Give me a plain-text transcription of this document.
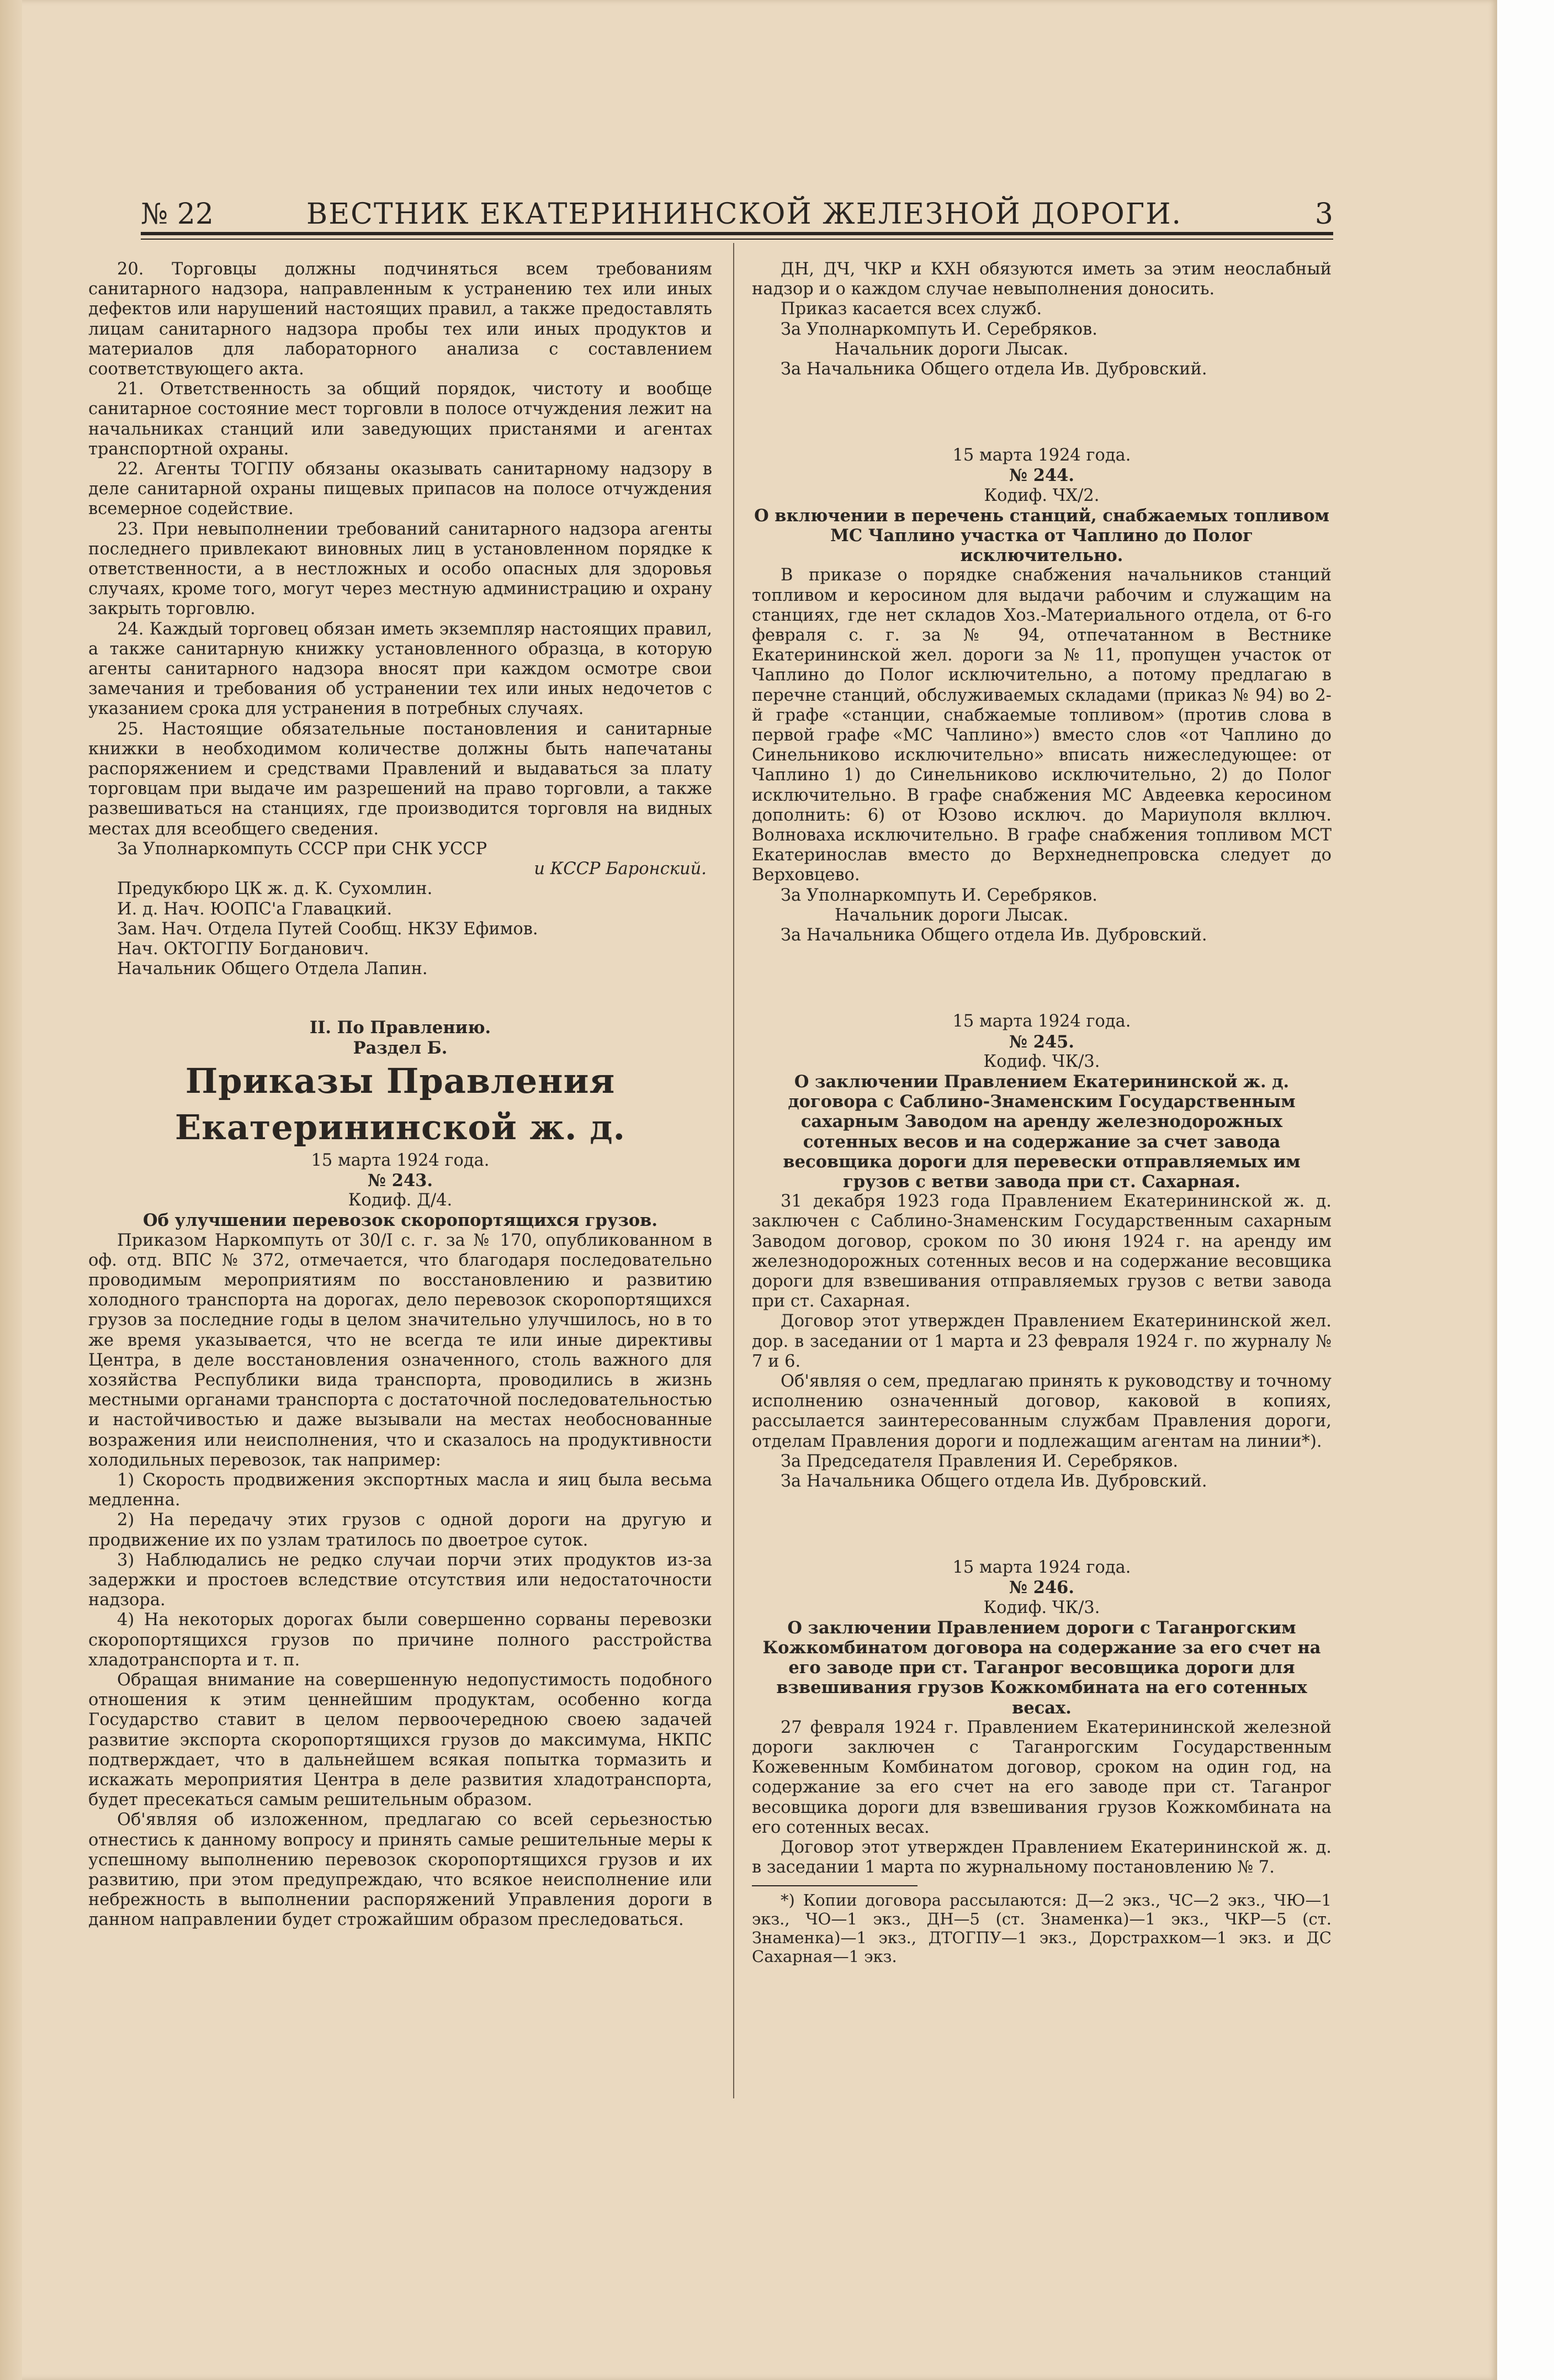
№ 22	ВЕСТНИК ЕКАТЕРИНИНСКОЙ ЖЕЛЕЗНОЙ ДОРОГИ.	3

20. Торговцы должны подчиняться всем требованиям санитарного надзора, направленным к устранению тех или иных дефектов или нарушений настоящих правил, а также предоставлять лицам санитарного надзора пробы тех или иных продуктов и материалов для лабораторного анализа с составлением соответствующего акта.

21. Ответственность за общий порядок, чистоту и вообще санитарное состояние мест торговли в полосе отчуждения лежит на начальниках станций или заведующих пристанями и агентах транспортной охраны.

22. Агенты ТОГПУ обязаны оказывать санитарному надзору в деле санитарной охраны пищевых припасов на полосе отчуждения всемерное содействие.

23. При невыполнении требований санитарного надзора агенты последнего привлекают виновных лиц в установленном порядке к ответственности, а в нестложных и особо опасных для здоровья случаях, кроме того, могут через местную администрацию и охрану закрыть торговлю.

24. Каждый торговец обязан иметь экземпляр настоящих правил, а также санитарную книжку установленного образца, в которую агенты санитарного надзора вносят при каждом осмотре свои замечания и требования об устранении тех или иных недочетов с указанием срока для устранения в потребных случаях.

25. Настоящие обязательные постановления и санитарные книжки в необходимом количестве должны быть напечатаны распоряжением и средствами Правлений и выдаваться за плату торговцам при выдаче им разрешений на право торговли, а также развешиваться на станциях, где производится торговля на видных местах для всеобщего сведения.

За Уполнаркомпуть СССР при СНК УССР

и КССР Баронский.

Предукбюро ЦК ж. д. К. Сухомлин.

И. д. Нач. ЮОПС'а Главацкий.

Зам. Нач. Отдела Путей Сообщ. НКЗУ Ефимов.

Нач. ОКТОГПУ Богданович.

Начальник Общего Отдела Лапин.

II. По Правлению.

Раздел Б.

Приказы Правления Екатерининской ж. д.

15 марта 1924 года.

№ 243.

Кодиф. Д/4.

Об улучшении перевозок скоропортящихся грузов.

Приказом Наркомпуть от 30/I с. г. за № 170, опубликованном в оф. отд. ВПС № 372, отмечается, что благодаря последовательно проводимым мероприятиям по восстановлению и развитию холодного транспорта на дорогах, дело перевозок скоропортящихся грузов за последние годы в целом значительно улучшилось, но в то же время указывается, что не всегда те или иные директивы Центра, в деле восстановления означенного, столь важного для хозяйства Республики вида транспорта, проводились в жизнь местными органами транспорта с достаточной последовательностью и настойчивостью и даже вызывали на местах необоснованные возражения или неисполнения, что и сказалось на продуктивности холодильных перевозок, так например:

1) Скорость продвижения экспортных масла и яиц была весьма медленна.

2) На передачу этих грузов с одной дороги на другую и продвижение их по узлам тратилось по двоетрое суток.

3) Наблюдались не редко случаи порчи этих продуктов из-за задержки и простоев вследствие отсутствия или недостаточности надзора.

4) На некоторых дорогах были совершенно сорваны перевозки скоропортящихся грузов по причине полного расстройства хладотранспорта и т. п.

Обращая внимание на совершенную недопустимость подобного отношения к этим ценнейшим продуктам, особенно когда Государство ставит в целом первоочередною своею задачей развитие экспорта скоропортящихся грузов до максимума, НКПС подтверждает, что в дальнейшем всякая попытка тормазить и искажать мероприятия Центра в деле развития хладотранспорта, будет пресекаться самым решительным образом.

Об'являя об изложенном, предлагаю со всей серьезностью отнестись к данному вопросу и принять самые решительные меры к успешному выполнению перевозок скоропортящихся грузов и их развитию, при этом предупреждаю, что всякое неисполнение или небрежность в выполнении распоряжений Управления дороги в данном направлении будет строжайшим образом преследоваться.

ДН, ДЧ, ЧКР и КХН обязуются иметь за этим неослабный надзор и о каждом случае невыполнения доносить.

Приказ касается всех служб.

За Уполнаркомпуть И. Серебряков.

Начальник дороги Лысак.

За Начальника Общего отдела Ив. Дубровский.

15 марта 1924 года.

№ 244.

Кодиф. ЧХ/2.

О включении в перечень станций, снабжаемых топливом МС Чаплино участка от Чаплино до Полог исключительно.

В приказе о порядке снабжения начальников станций топливом и керосином для выдачи рабочим и служащим на станциях, где нет складов Хоз.-Материального отдела, от 6-го февраля с. г. за № 94, отпечатанном в Вестнике Екатерининской жел. дороги за № 11, пропущен участок от Чаплино до Полог исключительно, а потому предлагаю в перечне станций, обслуживаемых складами (приказ № 94) во 2-й графе «станции, снабжаемые топливом» (против слова в первой графе «МС Чаплино») вместо слов «от Чаплино до Синельниково исключительно» вписать нижеследующее: от Чаплино 1) до Синельниково исключительно, 2) до Полог исключительно. В графе снабжения МС Авдеевка керосином дополнить: 6) от Юзово исключ. до Мариуполя вкллюч. Волноваха исключительно. В графе снабжения топливом МСТ Екатеринослав вместо до Верхнеднепровска следует до Верховцево.

За Уполнаркомпуть И. Серебряков.

Начальник дороги Лысак.

За Начальника Общего отдела Ив. Дубровский.

15 марта 1924 года.

№ 245.

Кодиф. ЧК/3.

О заключении Правлением Екатерининской ж. д. договора с Саблино-Знаменским Государственным сахарным Заводом на аренду железнодорожных сотенных весов и на содержание за счет завода весовщика дороги для перевески отправляемых им грузов с ветви завода при ст. Сахарная.

31 декабря 1923 года Правлением Екатерининской ж. д. заключен с Саблино-Знаменским Государственным сахарным Заводом договор, сроком по 30 июня 1924 г. на аренду им железнодорожных сотенных весов и на содержание весовщика дороги для взвешивания отправляемых грузов с ветви завода при ст. Сахарная.

Договор этот утвержден Правлением Екатерининской жел. дор. в заседании от 1 марта и 23 февраля 1924 г. по журналу № 7 и 6.

Об'являя о сем, предлагаю принять к руководству и точному исполнению означенный договор, каковой в копиях, рассылается заинтересованным службам Правления дороги, отделам Правления дороги и подлежащим агентам на линии*).

За Председателя Правления И. Серебряков.

За Начальника Общего отдела Ив. Дубровский.

15 марта 1924 года.

№ 246.

Кодиф. ЧК/3.

О заключении Правлением дороги с Таганрогским Кожкомбинатом договора на содержание за его счет на его заводе при ст. Таганрог весовщика дороги для взвешивания грузов Кожкомбината на его сотенных весах.

27 февраля 1924 г. Правлением Екатерининской железной дороги заключен с Таганрогским Государственным Кожевенным Комбинатом договор, сроком на один год, на содержание за его счет на его заводе при ст. Таганрог весовщика дороги для взвешивания грузов Кожкомбината на его сотенных весах.

Договор этот утвержден Правлением Екатерининской ж. д. в заседании 1 марта по журнальному постановлению № 7.

*) Копии договора рассылаются: Д—2 экз., ЧС—2 экз., ЧЮ—1 экз., ЧО—1 экз., ДН—5 (ст. Знаменка)—1 экз., ЧКР—5 (ст. Знаменка)—1 экз., ДТОГПУ—1 экз., Дорстрахком—1 экз. и ДС Сахарная—1 экз.
